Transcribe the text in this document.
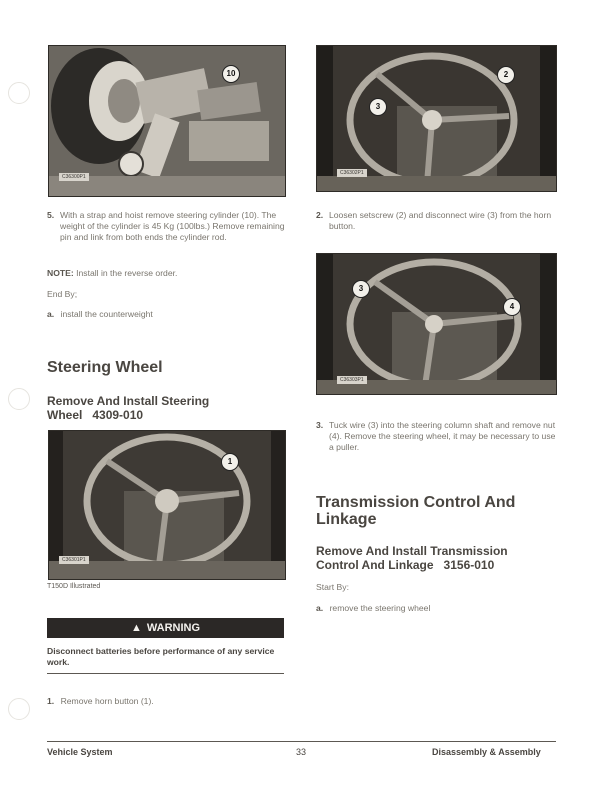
C36300P1
10
5. With a strap and hoist remove steering cylinder (10). The weight of the cylinder is 45 Kg (100lbs.) Remove remaining pin and link from both ends the cylinder rod.
NOTE: Install in the reverse order.
End By;
a. install the counterweight
Steering Wheel
Remove And Install Steering
Wheel   4309-010
C36301P1
1
T150D Illustrated
▲ WARNING
Disconnect batteries before performance of any service work.
1. Remove horn button (1).
C36302P1
2
3
2. Loosen setscrew (2) and disconnect wire (3) from the horn button.
C36303P1
3
4
3. Tuck wire (3) into the steering column shaft and remove nut (4). Remove the steering wheel, it may be necessary to use a puller.
Transmission Control And
Linkage
Remove And Install Transmission
Control And Linkage   3156-010
Start By:
a. remove the steering wheel
Vehicle System	33	Disassembly & Assembly
